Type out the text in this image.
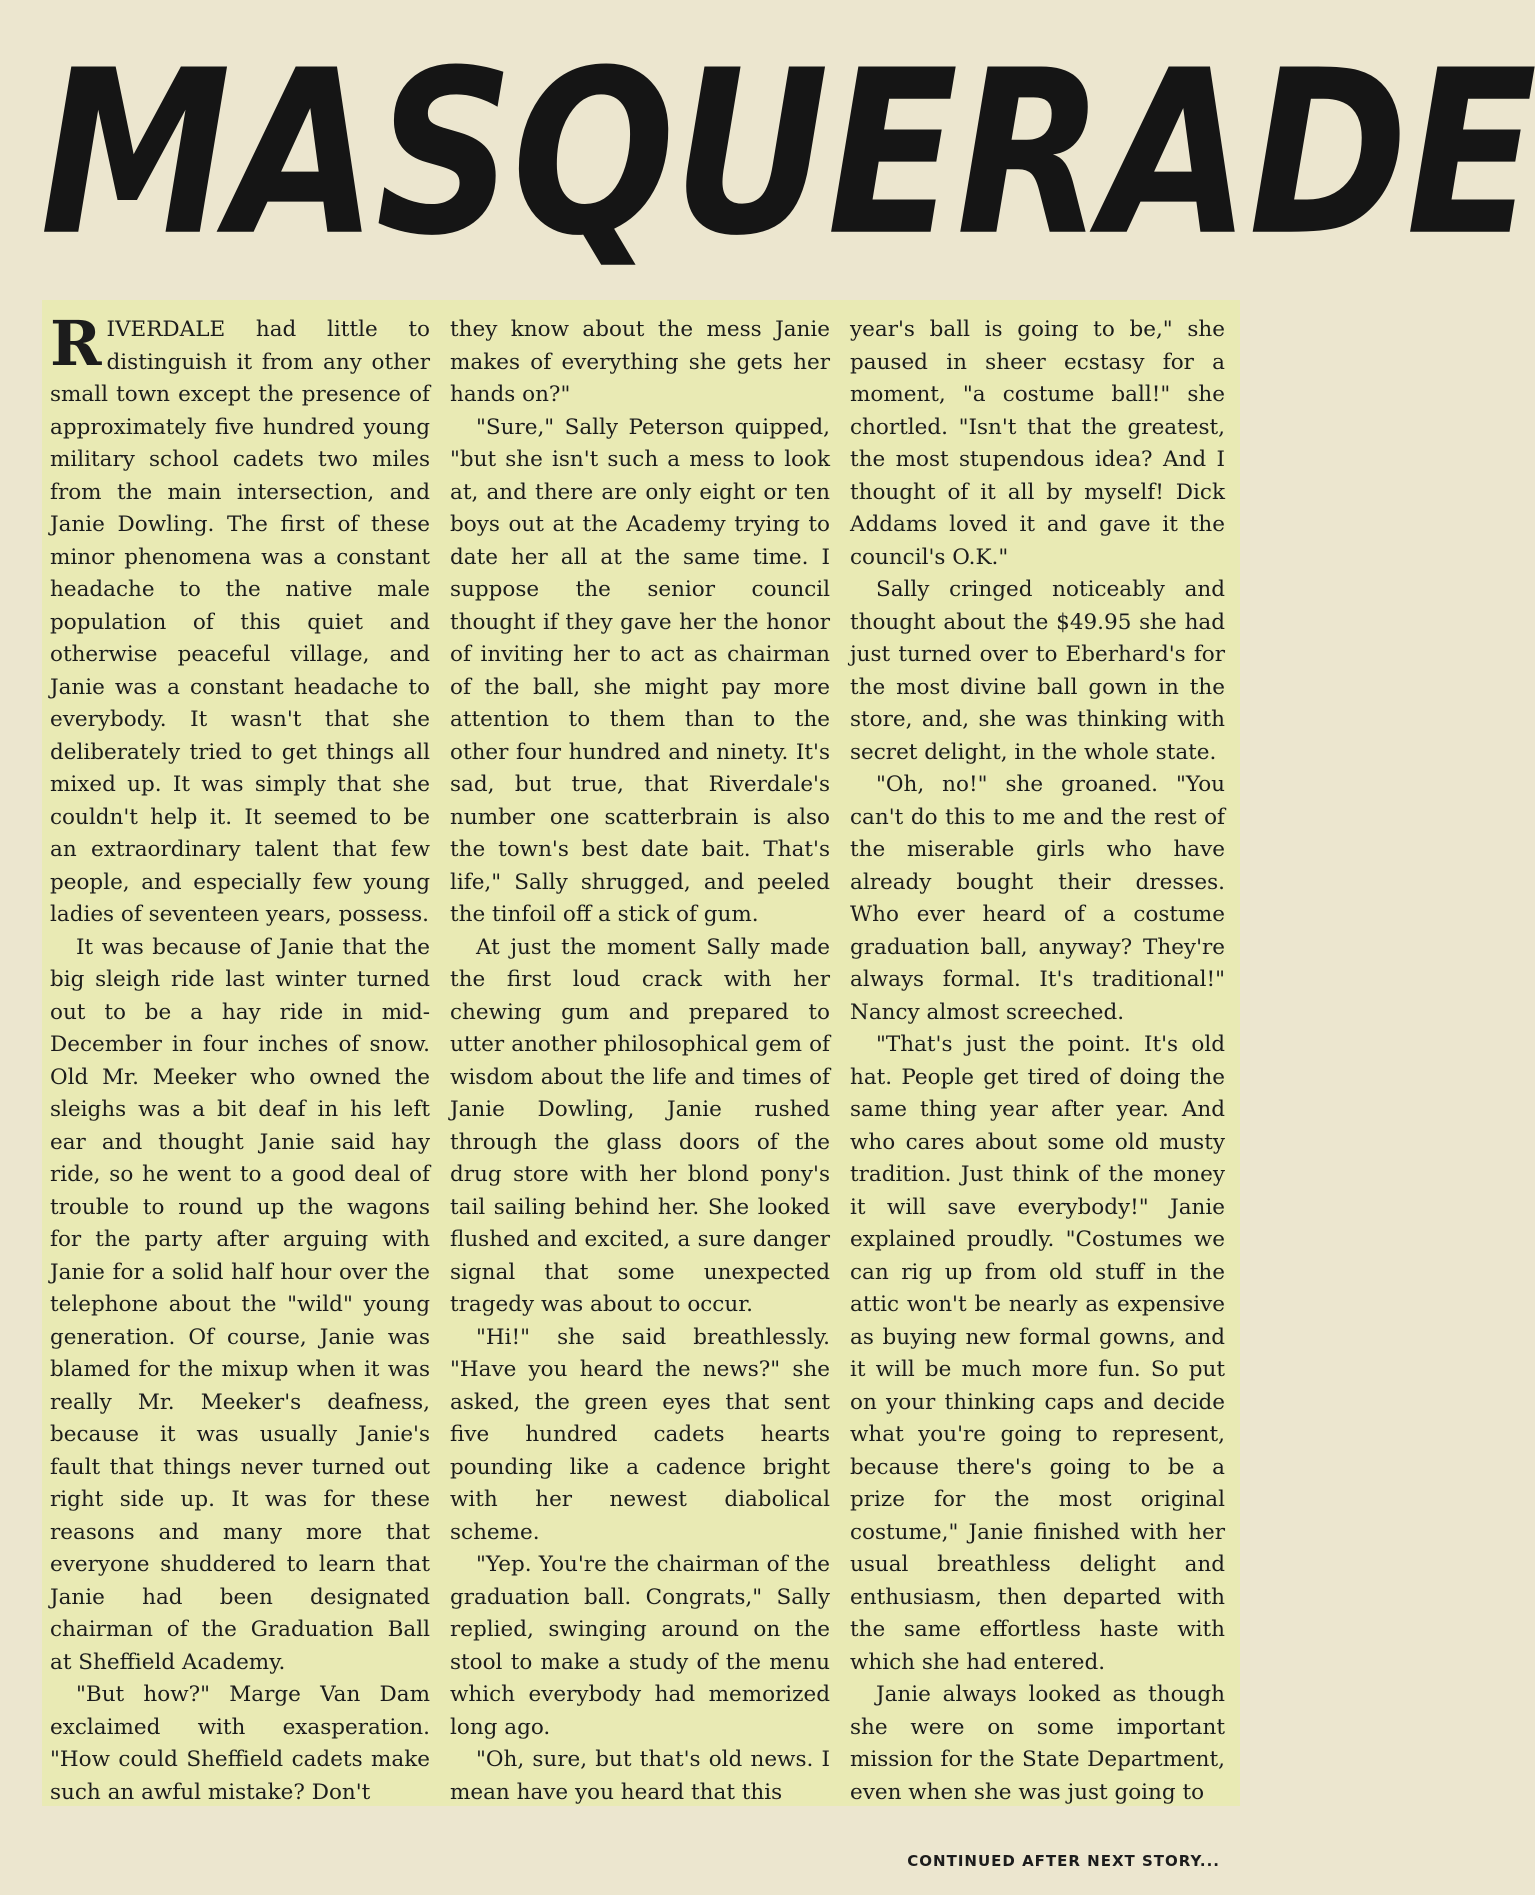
MASQUERADE

RIVERDALE had little to distinguish it from any other small town except the presence of approximately five hundred young military school cadets two miles from the main intersection, and Janie Dowling. The first of these minor phenomena was a constant headache to the native male population of this quiet and otherwise peaceful village, and Janie was a constant headache to everybody. It wasn't that she deliberately tried to get things all mixed up. It was simply that she couldn't help it. It seemed to be an extraordinary talent that few people, and especially few young ladies of seventeen years, possess.

It was because of Janie that the big sleigh ride last winter turned out to be a hay ride in mid-December in four inches of snow. Old Mr. Meeker who owned the sleighs was a bit deaf in his left ear and thought Janie said hay ride, so he went to a good deal of trouble to round up the wagons for the party after arguing with Janie for a solid half hour over the telephone about the "wild" young generation. Of course, Janie was blamed for the mixup when it was really Mr. Meeker's deafness, because it was usually Janie's fault that things never turned out right side up. It was for these reasons and many more that everyone shuddered to learn that Janie had been designated chairman of the Graduation Ball at Sheffield Academy.

"But how?" Marge Van Dam exclaimed with exasperation. "How could Sheffield cadets make such an awful mistake? Don't

they know about the mess Janie makes of everything she gets her hands on?"

"Sure," Sally Peterson quipped, "but she isn't such a mess to look at, and there are only eight or ten boys out at the Academy trying to date her all at the same time. I suppose the senior council thought if they gave her the honor of inviting her to act as chairman of the ball, she might pay more attention to them than to the other four hundred and ninety. It's sad, but true, that Riverdale's number one scatterbrain is also the town's best date bait. That's life," Sally shrugged, and peeled the tinfoil off a stick of gum.

At just the moment Sally made the first loud crack with her chewing gum and prepared to utter another philosophical gem of wisdom about the life and times of Janie Dowling, Janie rushed through the glass doors of the drug store with her blond pony's tail sailing behind her. She looked flushed and excited, a sure danger signal that some unexpected tragedy was about to occur.

"Hi!" she said breathlessly. "Have you heard the news?" she asked, the green eyes that sent five hundred cadets hearts pounding like a cadence bright with her newest diabolical scheme.

"Yep. You're the chairman of the graduation ball. Congrats," Sally replied, swinging around on the stool to make a study of the menu which everybody had memorized long ago.

"Oh, sure, but that's old news. I mean have you heard that this

year's ball is going to be," she paused in sheer ecstasy for a moment, "a costume ball!" she chortled. "Isn't that the greatest, the most stupendous idea? And I thought of it all by myself! Dick Addams loved it and gave it the council's O.K."

Sally cringed noticeably and thought about the $49.95 she had just turned over to Eberhard's for the most divine ball gown in the store, and, she was thinking with secret delight, in the whole state.

"Oh, no!" she groaned. "You can't do this to me and the rest of the miserable girls who have already bought their dresses. Who ever heard of a costume graduation ball, anyway? They're always formal. It's traditional!" Nancy almost screeched.

"That's just the point. It's old hat. People get tired of doing the same thing year after year. And who cares about some old musty tradition. Just think of the money it will save everybody!" Janie explained proudly. "Costumes we can rig up from old stuff in the attic won't be nearly as expensive as buying new formal gowns, and it will be much more fun. So put on your thinking caps and decide what you're going to represent, because there's going to be a prize for the most original costume," Janie finished with her usual breathless delight and enthusiasm, then departed with the same effortless haste with which she had entered.

Janie always looked as though she were on some important mission for the State Department, even when she was just going to

CONTINUED AFTER NEXT STORY...
